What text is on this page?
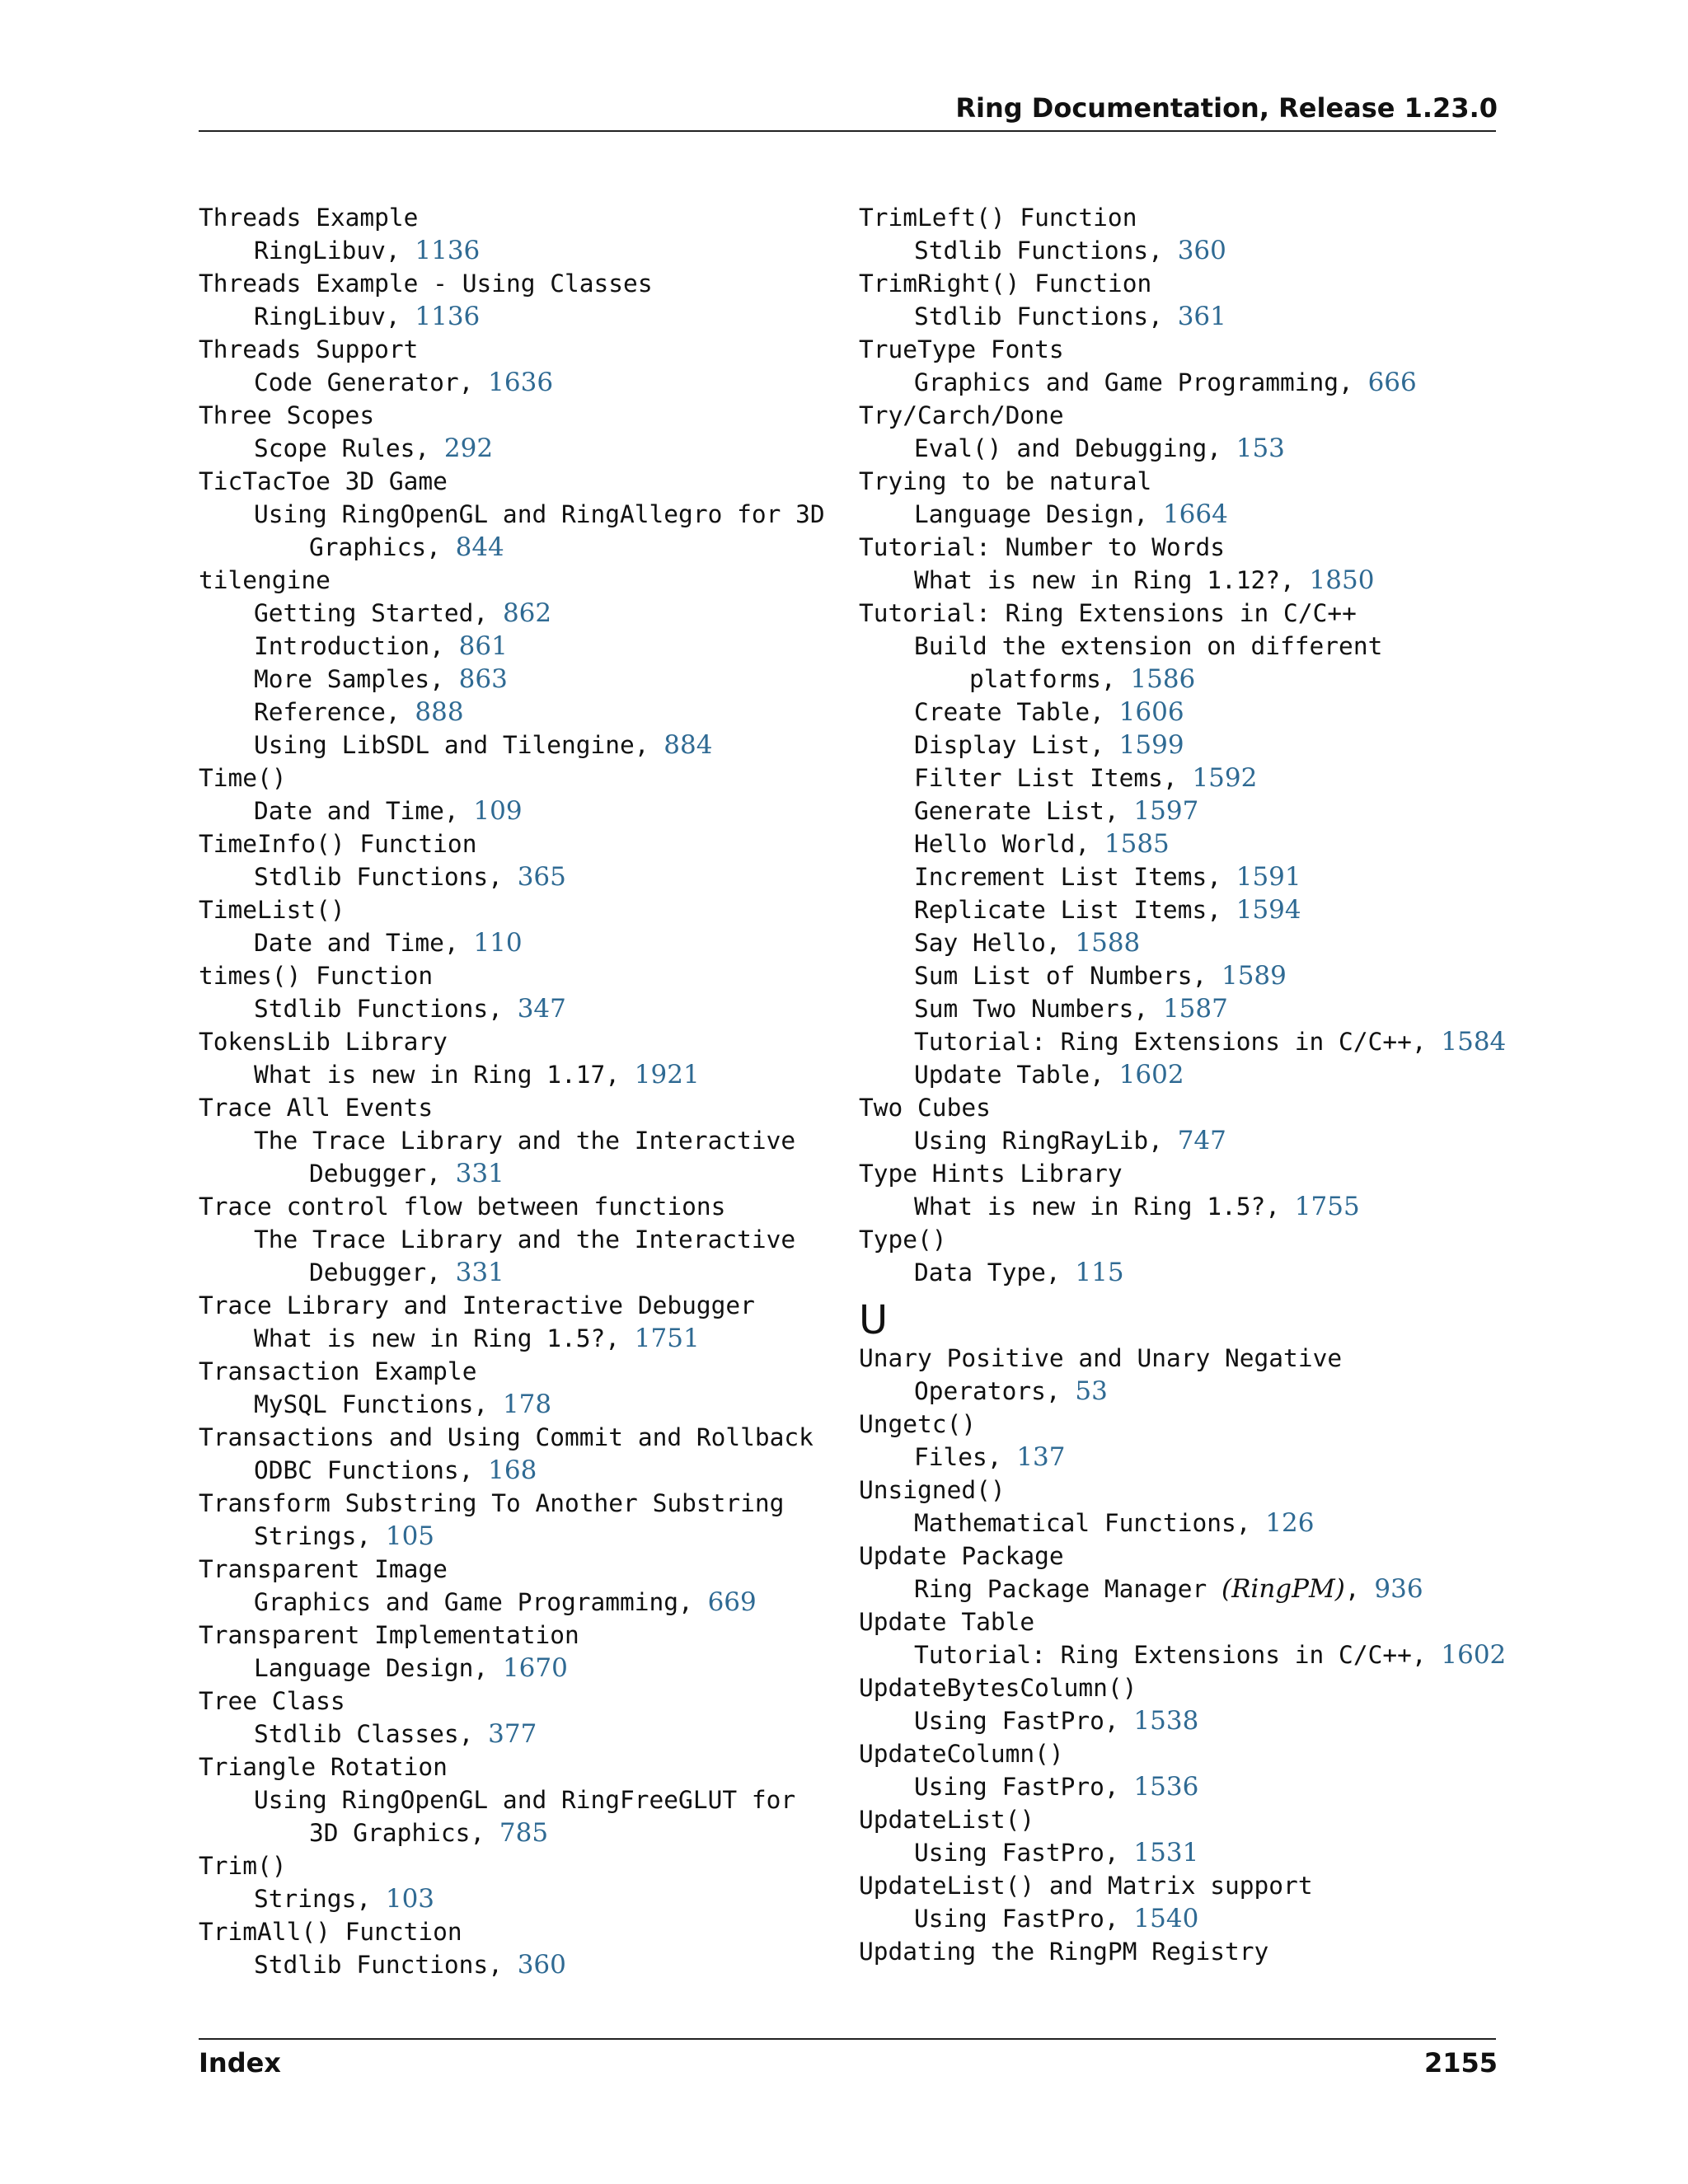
Ring Documentation, Release 1.23.0
Threads Example
RingLibuv, 1136
Threads Example - Using Classes
RingLibuv, 1136
Threads Support
Code Generator, 1636
Three Scopes
Scope Rules, 292
TicTacToe 3D Game
Using RingOpenGL and RingAllegro for 3D
Graphics, 844
tilengine
Getting Started, 862
Introduction, 861
More Samples, 863
Reference, 888
Using LibSDL and Tilengine, 884
Time()
Date and Time, 109
TimeInfo() Function
Stdlib Functions, 365
TimeList()
Date and Time, 110
times() Function
Stdlib Functions, 347
TokensLib Library
What is new in Ring 1.17, 1921
Trace All Events
The Trace Library and the Interactive
Debugger, 331
Trace control flow between functions
The Trace Library and the Interactive
Debugger, 331
Trace Library and Interactive Debugger
What is new in Ring 1.5?, 1751
Transaction Example
MySQL Functions, 178
Transactions and Using Commit and Rollback
ODBC Functions, 168
Transform Substring To Another Substring
Strings, 105
Transparent Image
Graphics and Game Programming, 669
Transparent Implementation
Language Design, 1670
Tree Class
Stdlib Classes, 377
Triangle Rotation
Using RingOpenGL and RingFreeGLUT for
3D Graphics, 785
Trim()
Strings, 103
TrimAll() Function
Stdlib Functions, 360
TrimLeft() Function
Stdlib Functions, 360
TrimRight() Function
Stdlib Functions, 361
TrueType Fonts
Graphics and Game Programming, 666
Try/Carch/Done
Eval() and Debugging, 153
Trying to be natural
Language Design, 1664
Tutorial: Number to Words
What is new in Ring 1.12?, 1850
Tutorial: Ring Extensions in C/C++
Build the extension on different
platforms, 1586
Create Table, 1606
Display List, 1599
Filter List Items, 1592
Generate List, 1597
Hello World, 1585
Increment List Items, 1591
Replicate List Items, 1594
Say Hello, 1588
Sum List of Numbers, 1589
Sum Two Numbers, 1587
Tutorial: Ring Extensions in C/C++, 1584
Update Table, 1602
Two Cubes
Using RingRayLib, 747
Type Hints Library
What is new in Ring 1.5?, 1755
Type()
Data Type, 115
U
Unary Positive and Unary Negative
Operators, 53
Ungetc()
Files, 137
Unsigned()
Mathematical Functions, 126
Update Package
Ring Package Manager (RingPM), 936
Update Table
Tutorial: Ring Extensions in C/C++, 1602
UpdateBytesColumn()
Using FastPro, 1538
UpdateColumn()
Using FastPro, 1536
UpdateList()
Using FastPro, 1531
UpdateList() and Matrix support
Using FastPro, 1540
Updating the RingPM Registry
Index	2155
